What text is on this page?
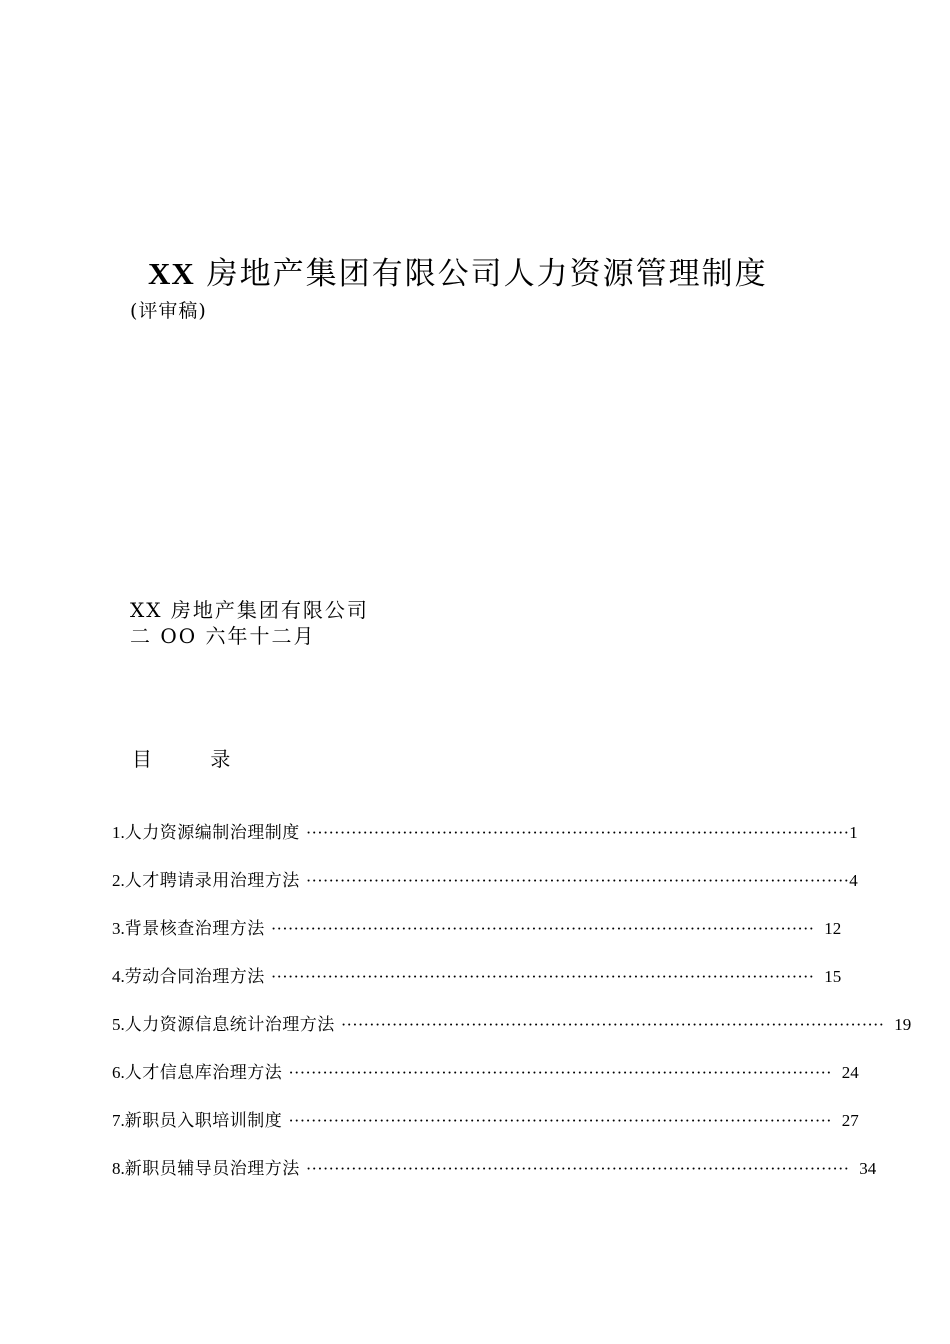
XX 房地产集团有限公司人力资源管理制度
(评审稿)
XX 房地产集团有限公司
二 OO 六年十二月
目 录
1. 人力资源编制治理制度 ································································································ 1
2. 人才聘请录用治理方法 ································································································ 4
3. 背景核查治理方法 ································································································ 12
4. 劳动合同治理方法 ································································································ 15
5. 人力资源信息统计治理方法 ································································································ 19
6. 人才信息库治理方法 ································································································ 24
7. 新职员入职培训制度 ································································································ 27
8. 新职员辅导员治理方法 ································································································ 34
